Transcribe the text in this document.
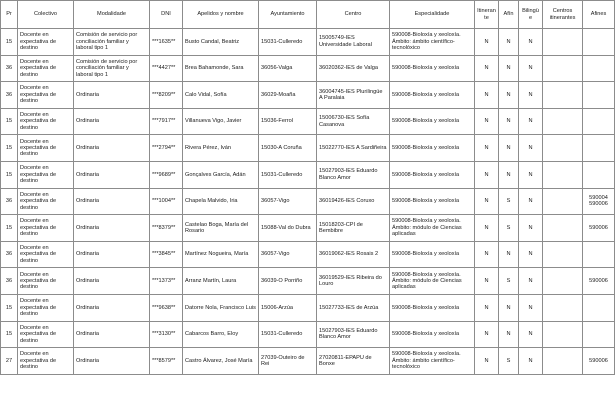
Pr	Colectivo	Modalidade	DNI	Apelidos y nombre	Ayuntamiento	Centro	Especialidade	Itinerante	Afín	Bilingüe	Centros itinerantes	Afines
15	Docente en expectativa de destino	Comisión de servicio por conciliación familiar y laboral tipo 1	***1635**	Busto Candal, Beatriz	15031-Culleredo	15005749-IES Universidade Laboral	590008-Bioloxía y xeoloxía. Ámbito: ámbito científico-tecnolóxico	N	N	N		
36	Docente en expectativa de destino	Comisión de servicio por conciliación familiar y laboral tipo 1	***4427**	Brea Bahamonde, Sara	36056-Valga	36020362-IES de Valga	590008-Bioloxía y xeoloxía	N	N	N		
36	Docente en expectativa de destino	Ordinaria	***8209**	Calo Vidal, Sofía	36029-Moaña	36004745-IES Plurilingüe A Paralaia	590008-Bioloxía y xeoloxía	N	N	N		
15	Docente en expectativa de destino	Ordinaria	***7917**	Villanueva Vigo, Javier	15036-Ferrol	15006730-IES Sofía Casanova	590008-Bioloxía y xeoloxía	N	N	N		
15	Docente en expectativa de destino	Ordinaria	***2794**	Rivera Pérez, Iván	15030-A Coruña	15022770-IES A Sardiñeira	590008-Bioloxía y xeoloxía	N	N	N		
15	Docente en expectativa de destino	Ordinaria	***9689**	Gonçalves García, Adán	15031-Culleredo	15027903-IES Eduardo Blanco Amor	590008-Bioloxía y xeoloxía	N	N	N		
36	Docente en expectativa de destino	Ordinaria	***1004**	Chapela Malvido, Iria	36057-Vigo	36019426-IES Coruxo	590008-Bioloxía y xeoloxía	N	S	N		590004 590006
15	Docente en expectativa de destino	Ordinaria	***8379**	Castelao Boga, María del Rosario	15088-Val do Dubra	15018203-CPI de Bembibre	590008-Bioloxía y xeoloxía. Ámbito: módulo de Ciencias aplicadas	N	S	N		590006
36	Docente en expectativa de destino	Ordinaria	***3845**	Martínez Nogueira, María	36057-Vigo	36019062-IES Rosais 2	590008-Bioloxía y xeoloxía	N	N	N		
36	Docente en expectativa de destino	Ordinaria	***1373**	Arranz Martín, Laura	36039-O Porriño	36019529-IES Ribeira do Louro	590008-Bioloxía y xeoloxía. Ámbito: módulo de Ciencias aplicadas	N	S	N		590006
15	Docente en expectativa de destino	Ordinaria	***9638**	Datorre Nola, Francisco Luis	15006-Arzúa	15027733-IES de Arzúa	590008-Bioloxía y xeoloxía	N	N	N		
15	Docente en expectativa de destino	Ordinaria	***3130**	Cabarcos Barro, Eloy	15031-Culleredo	15027903-IES Eduardo Blanco Amor	590008-Bioloxía y xeoloxía	N	N	N		
27	Docente en expectativa de destino	Ordinaria	***8579**	Castro Álvarez, José María	27039-Outeiro de Rei	27020811-EPAPU de Bonxe	590008-Bioloxía y xeoloxía. Ámbito: ámbito científico-tecnolóxico	N	S	N		590006
